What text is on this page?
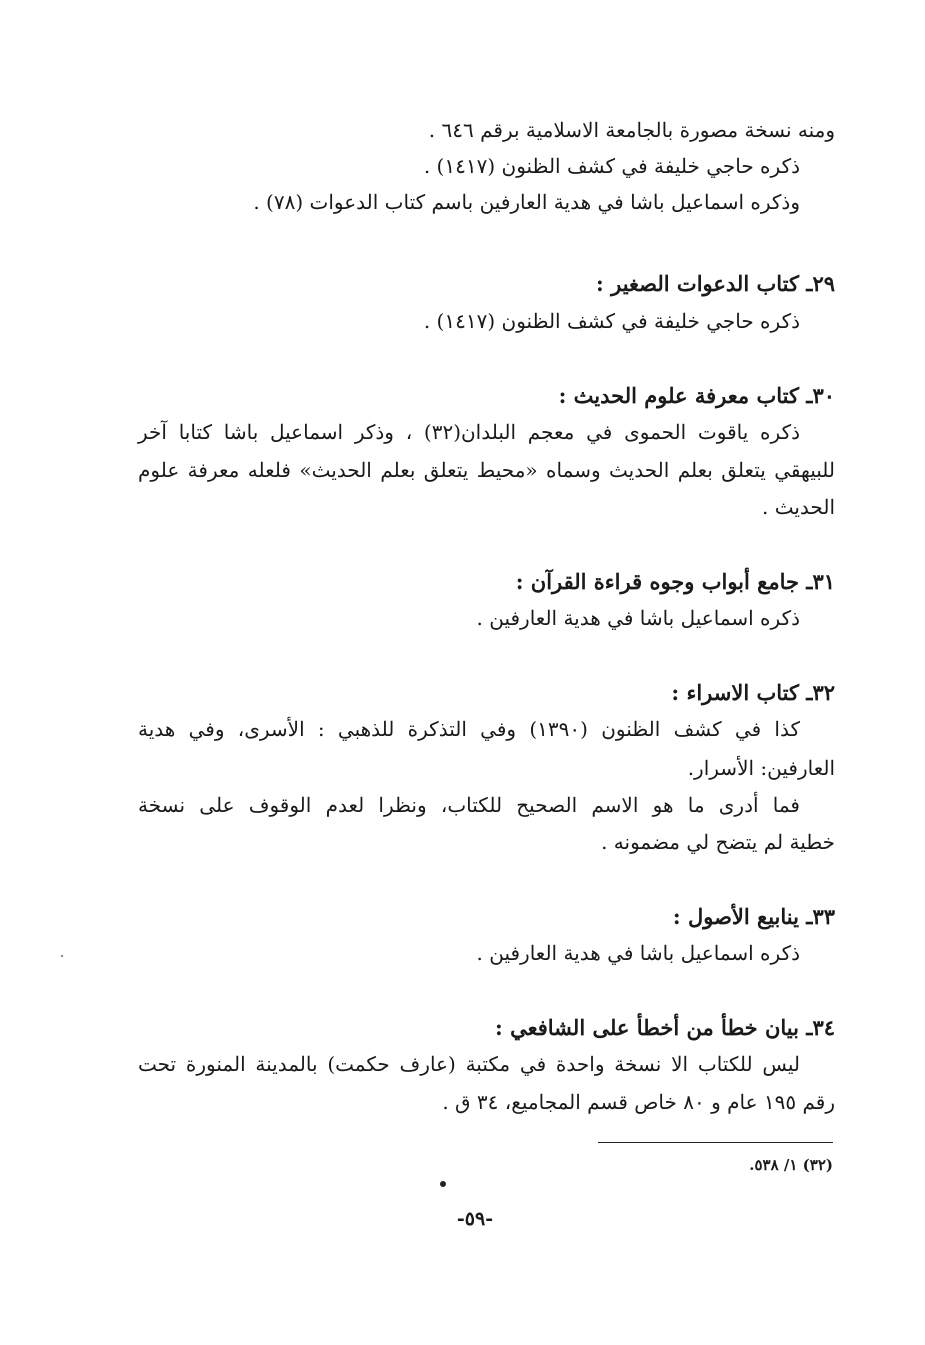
ومنه نسخة مصورة بالجامعة الاسلامية برقم ٦٤٦ .
ذكره حاجي خليفة في كشف الظنون (١٤١٧) .
وذكره اسماعيل باشا في هدية العارفين باسم كتاب الدعوات (٧٨) .
٢٩ـ كتاب الدعوات الصغير :
ذكره حاجي خليفة في كشف الظنون (١٤١٧) .
٣٠ـ كتاب معرفة علوم الحديث :
ذكره ياقوت الحموى في معجم البلدان(٣٢) ، وذكر اسماعيل باشا كتابا آخر
للبيهقي يتعلق بعلم الحديث وسماه «محيط يتعلق بعلم الحديث» فلعله معرفة علوم
الحديث .
٣١ـ جامع أبواب وجوه قراءة القرآن :
ذكره اسماعيل باشا في هدية العارفين .
٣٢ـ كتاب الاسراء :
كذا في كشف الظنون (١٣٩٠) وفي التذكرة للذهبي : الأسرى، وفي هدية
العارفين: الأسرار.
فما أدرى ما هو الاسم الصحيح للكتاب، ونظرا لعدم الوقوف على نسخة
خطية لم يتضح لي مضمونه .
٣٣ـ ينابيع الأصول :
ذكره اسماعيل باشا في هدية العارفين .
٣٤ـ بيان خطأ من أخطأ على الشافعي :
ليس للكتاب الا نسخة واحدة في مكتبة (عارف حكمت) بالمدينة المنورة تحت
رقم ١٩٥ عام و ٨٠ خاص قسم المجاميع، ٣٤ ق .
(٣٢) ١/ ٥٣٨.
-٥٩-
